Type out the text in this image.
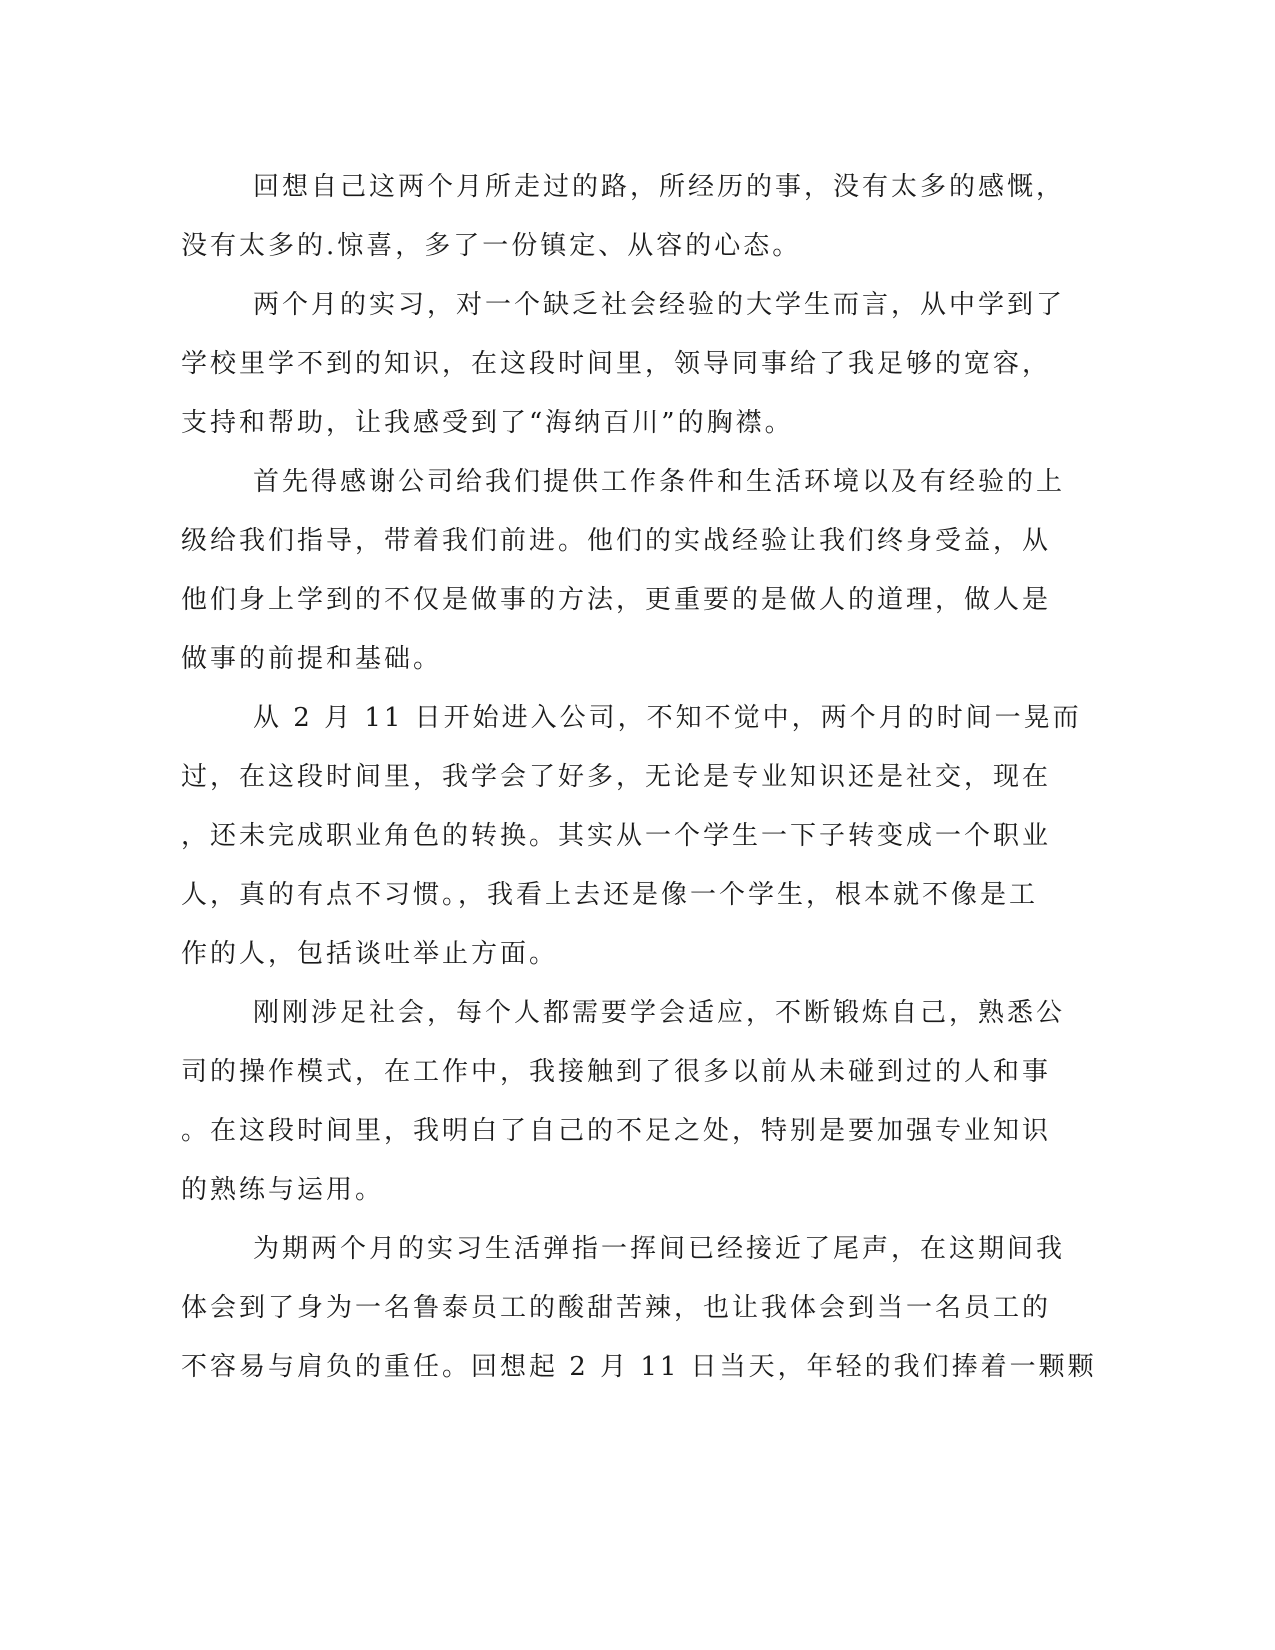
回想自己这两个月所走过的路，所经历的事，没有太多的感慨，
没有太多的.惊喜，多了一份镇定、从容的心态。
两个月的实习，对一个缺乏社会经验的大学生而言，从中学到了
学校里学不到的知识，在这段时间里，领导同事给了我足够的宽容，
支持和帮助，让我感受到了“海纳百川”的胸襟。
首先得感谢公司给我们提供工作条件和生活环境以及有经验的上
级给我们指导，带着我们前进。他们的实战经验让我们终身受益，从
他们身上学到的不仅是做事的方法，更重要的是做人的道理，做人是
做事的前提和基础。
从 2 月 11 日开始进入公司，不知不觉中，两个月的时间一晃而
过，在这段时间里，我学会了好多，无论是专业知识还是社交，现在
，还未完成职业角色的转换。其实从一个学生一下子转变成一个职业
人，真的有点不习惯。，我看上去还是像一个学生，根本就不像是工
作的人，包括谈吐举止方面。
刚刚涉足社会，每个人都需要学会适应，不断锻炼自己，熟悉公
司的操作模式，在工作中，我接触到了很多以前从未碰到过的人和事
。在这段时间里，我明白了自己的不足之处，特别是要加强专业知识
的熟练与运用。
为期两个月的实习生活弹指一挥间已经接近了尾声，在这期间我
体会到了身为一名鲁泰员工的酸甜苦辣，也让我体会到当一名员工的
不容易与肩负的重任。回想起 2 月 11 日当天，年轻的我们捧着一颗颗
